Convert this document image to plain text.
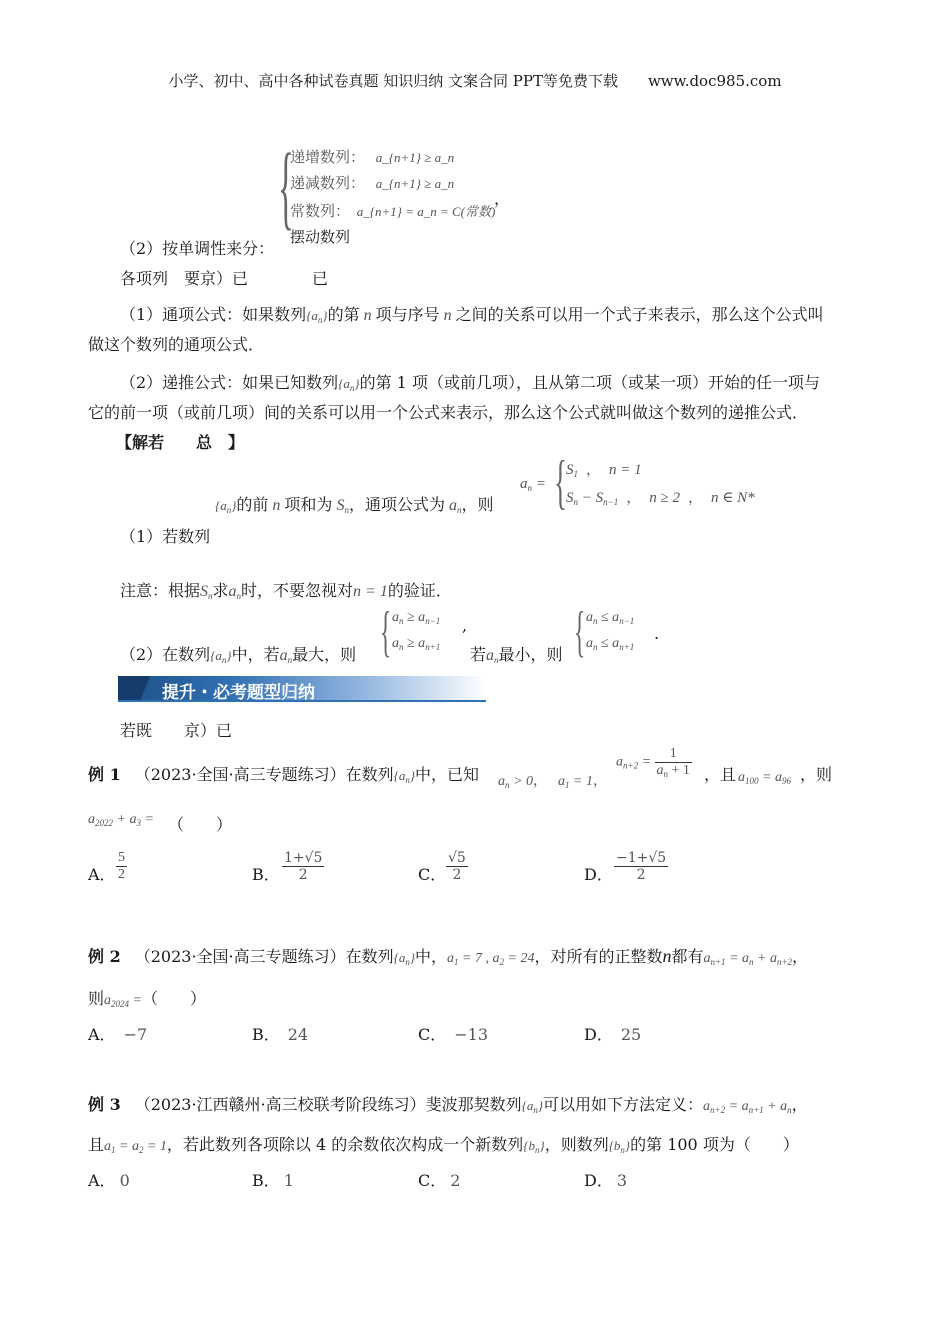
小学、初中、高中各种试卷真题 知识归纳 文案合同 PPT等免费下载　　www.doc985.com
{
递增数列： a_{n+1} ≥ a_n
递减数列： a_{n+1} ≥ a_n
常数列： a_{n+1} = a_n = C(常数)
摆动数列
，
（2）按单调性来分：
各项列　要京）已　　　　已
（1）通项公式：如果数列$\{a_n\}$的第 n 项与序号 n 之间的关系可以用一个式子来表示，那么这个公式叫
做这个数列的通项公式．
（2）递推公式：如果已知数列$\{a_n\}$的第 1 项（或前几项），且从第二项（或某一项）开始的任一项与
它的前一项（或前几项）间的关系可以用一个公式来表示，那么这个公式就叫做这个数列的递推公式．
【解若　　总　】
$\{a_n\}$的前 n 项和为 $S_n$，通项公式为 $a_n$，则
$a_n$ = { $S_1$ ， n = 1
$S_n - S_{n-1}$ ， n ≥ 2 ， n ∈ N*
（1）若数列
注意：根据$S_n$求$a_n$时，不要忽视对n = 1的验证．
（2）在数列$\{a_n\}$中，若$a_n$最大，则 { $a_n \ge a_{n-1}$
$a_n \ge a_{n+1}$
,
若$a_n$最小，则 { $a_n \le a_{n-1}$
$a_n \le a_{n+1}$
.
提升・必考题型归纳
若既　　京）已
例 1 （2023·全国·高三专题练习）在数列$\{a_n\}$中，已知 $a_n > 0$， $a_1 = 1$，
$a_{n+2} = \frac{1}{a_n + 1}$ ，且 $a_{100} = a_{96}$ ，则
$a_{2022} + a_3$ = （　　）
A． $\frac{5}{2}$	B． $\frac{1+√5}{2}$	C． $\frac{√5}{2}$	D． $\frac{-1+√5}{2}$
例 2 （2023·全国·高三专题练习）在数列$\{a_n\}$中，$a_1 = 7$ , $a_2 = 24$，对所有的正整数n都有$a_{n+1} = a_n + a_{n+2}$，
则$a_{2024}$ =（　　）
A． −7	B． 24	C． −13	D． 25
例 3 （2023·江西赣州·高三校联考阶段练习）斐波那契数列$\{a_n\}$可以用如下方法定义：$a_{n+2} = a_{n+1} + a_n$，
且$a_1 = a_2 = 1$，若此数列各项除以 4 的余数依次构成一个新数列$\{b_n\}$，则数列$\{b_n\}$的第 100 项为（　　）
A． 0	B． 1	C． 2	D． 3
